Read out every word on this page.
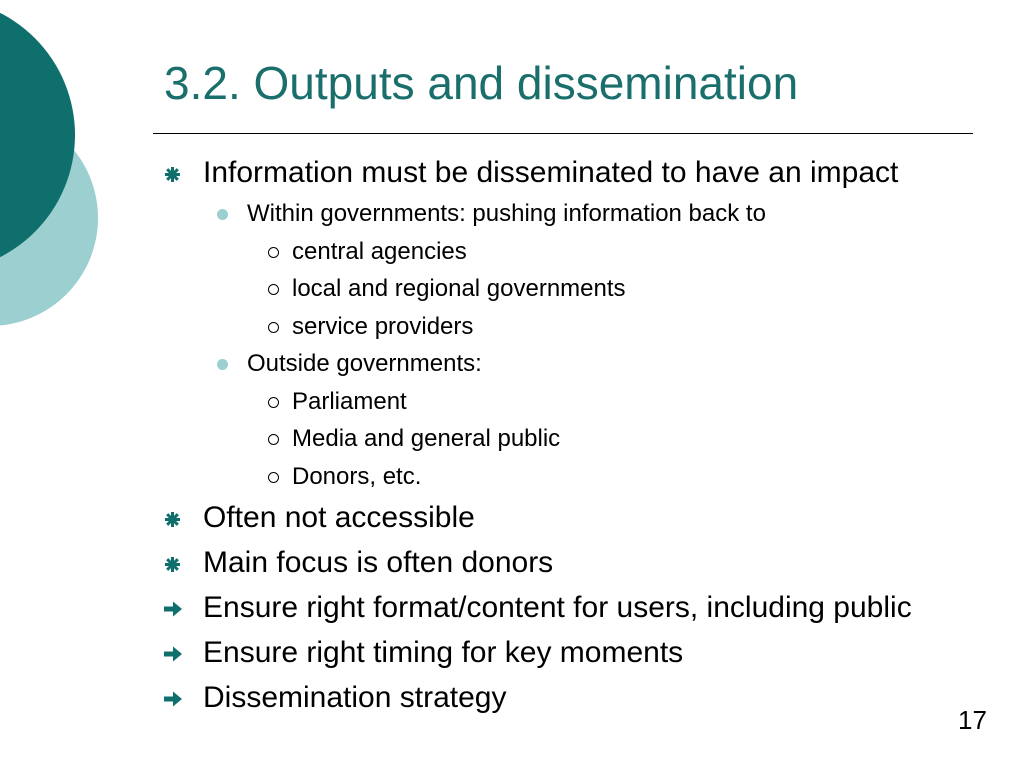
3.2. Outputs and dissemination
Information must be disseminated to have an impact
Within governments: pushing information back to
central agencies
local and regional governments
service providers
Outside governments:
Parliament
Media and general public
Donors, etc.
Often not accessible
Main focus is often donors
Ensure right format/content for users, including public
Ensure right timing for key moments
Dissemination strategy
17
